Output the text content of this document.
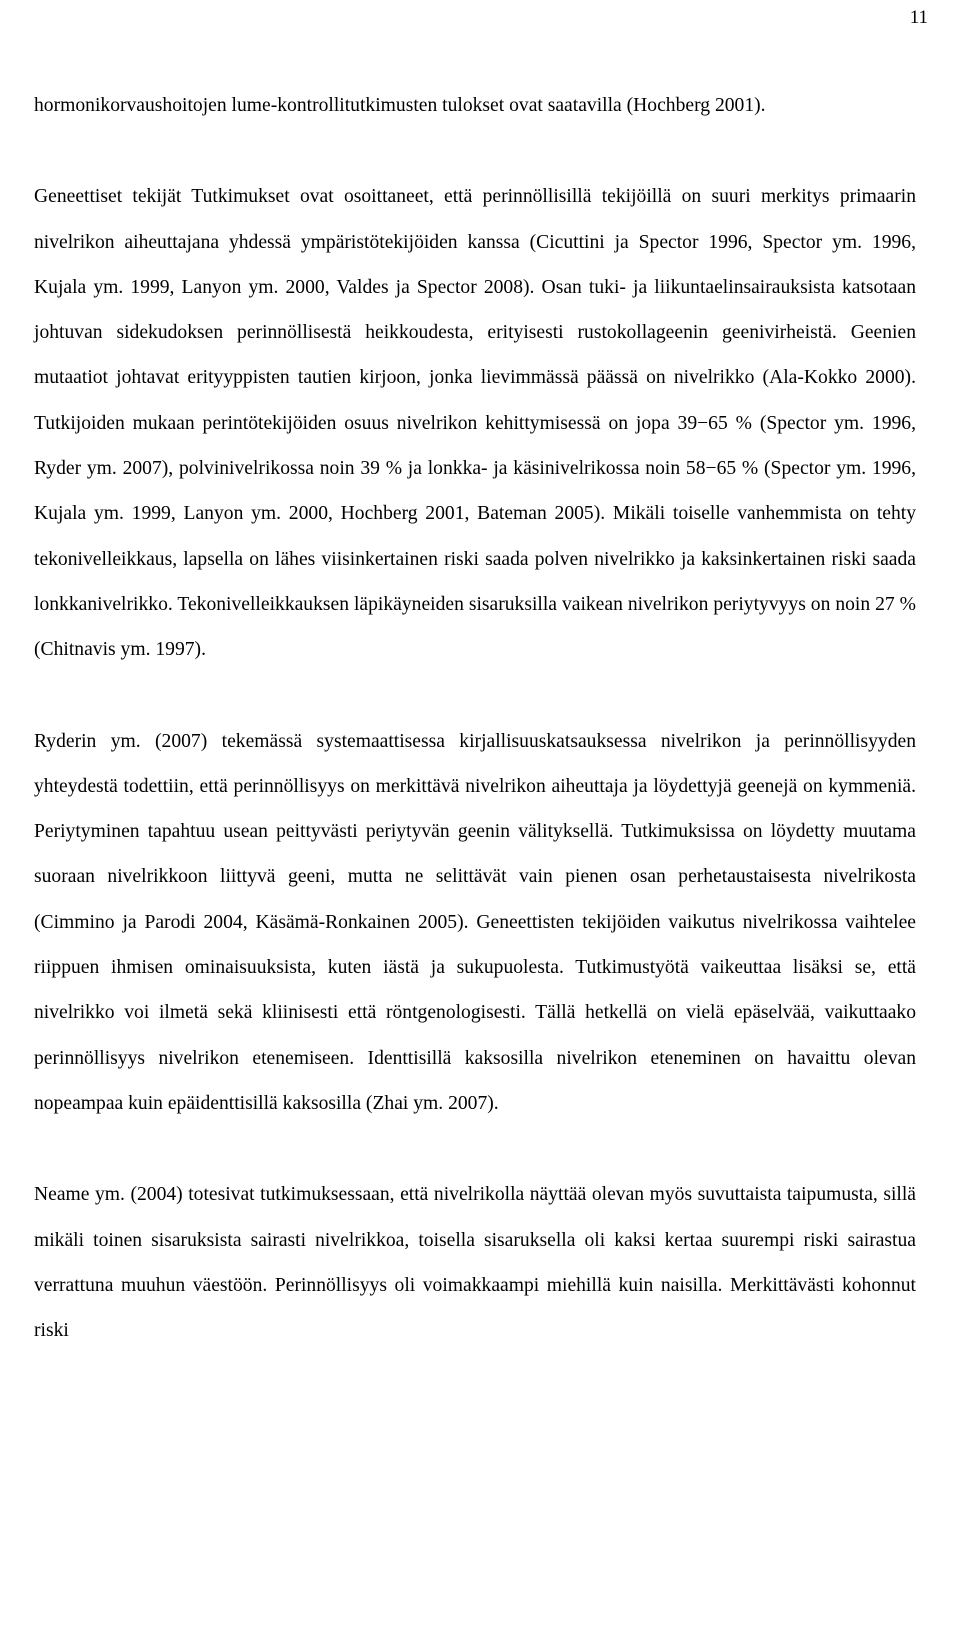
11

hormonikorvaushoitojen lume-kontrollitutkimusten tulokset ovat saatavilla (Hochberg 2001).

Geneettiset tekijät Tutkimukset ovat osoittaneet, että perinnöllisillä tekijöillä on suuri merkitys primaarin nivelrikon aiheuttajana yhdessä ympäristötekijöiden kanssa (Cicuttini ja Spector 1996, Spector ym. 1996, Kujala ym. 1999, Lanyon ym. 2000, Valdes ja Spector 2008). Osan tuki- ja liikuntaelinsairauksista katsotaan johtuvan sidekudoksen perinnöllisestä heikkoudesta, erityisesti rustokollageenin geenivirheistä. Geenien mutaatiot johtavat erityyppisten tautien kirjoon, jonka lievimmässä päässä on nivelrikko (Ala-Kokko 2000). Tutkijoiden mukaan perintötekijöiden osuus nivelrikon kehittymisessä on jopa 39−65 % (Spector ym. 1996, Ryder ym. 2007), polvinivelrikossa noin 39 % ja lonkka- ja käsinivelrikossa noin 58−65 % (Spector ym. 1996, Kujala ym. 1999, Lanyon ym. 2000, Hochberg 2001, Bateman 2005). Mikäli toiselle vanhemmista on tehty tekonivelleikkaus, lapsella on lähes viisinkertainen riski saada polven nivelrikko ja kaksinkertainen riski saada lonkkanivelrikko. Tekonivelleikkauksen läpikäyneiden sisaruksilla vaikean nivelrikon periytyvyys on noin 27 % (Chitnavis ym. 1997).

Ryderin ym. (2007) tekemässä systemaattisessa kirjallisuuskatsauksessa nivelrikon ja perinnöllisyyden yhteydestä todettiin, että perinnöllisyys on merkittävä nivelrikon aiheuttaja ja löydettyjä geenejä on kymmeniä. Periytyminen tapahtuu usean peittyvästi periytyvän geenin välityksellä. Tutkimuksissa on löydetty muutama suoraan nivelrikkoon liittyvä geeni, mutta ne selittävät vain pienen osan perhetaustaisesta nivelrikosta (Cimmino ja Parodi 2004, Käsämä-Ronkainen 2005). Geneettisten tekijöiden vaikutus nivelrikossa vaihtelee riippuen ihmisen ominaisuuksista, kuten iästä ja sukupuolesta. Tutkimustyötä vaikeuttaa lisäksi se, että nivelrikko voi ilmetä sekä kliinisesti että röntgenologisesti. Tällä hetkellä on vielä epäselvää, vaikuttaako perinnöllisyys nivelrikon etenemiseen. Identtisillä kaksosilla nivelrikon eteneminen on havaittu olevan nopeampaa kuin epäidenttisillä kaksosilla (Zhai ym. 2007).

Neame ym. (2004) totesivat tutkimuksessaan, että nivelrikolla näyttää olevan myös suvuttaista taipumusta, sillä mikäli toinen sisaruksista sairasti nivelrikkoa, toisella sisaruksella oli kaksi kertaa suurempi riski sairastua verrattuna muuhun väestöön. Perinnöllisyys oli voimakkaampi miehillä kuin naisilla. Merkittävästi kohonnut riski
